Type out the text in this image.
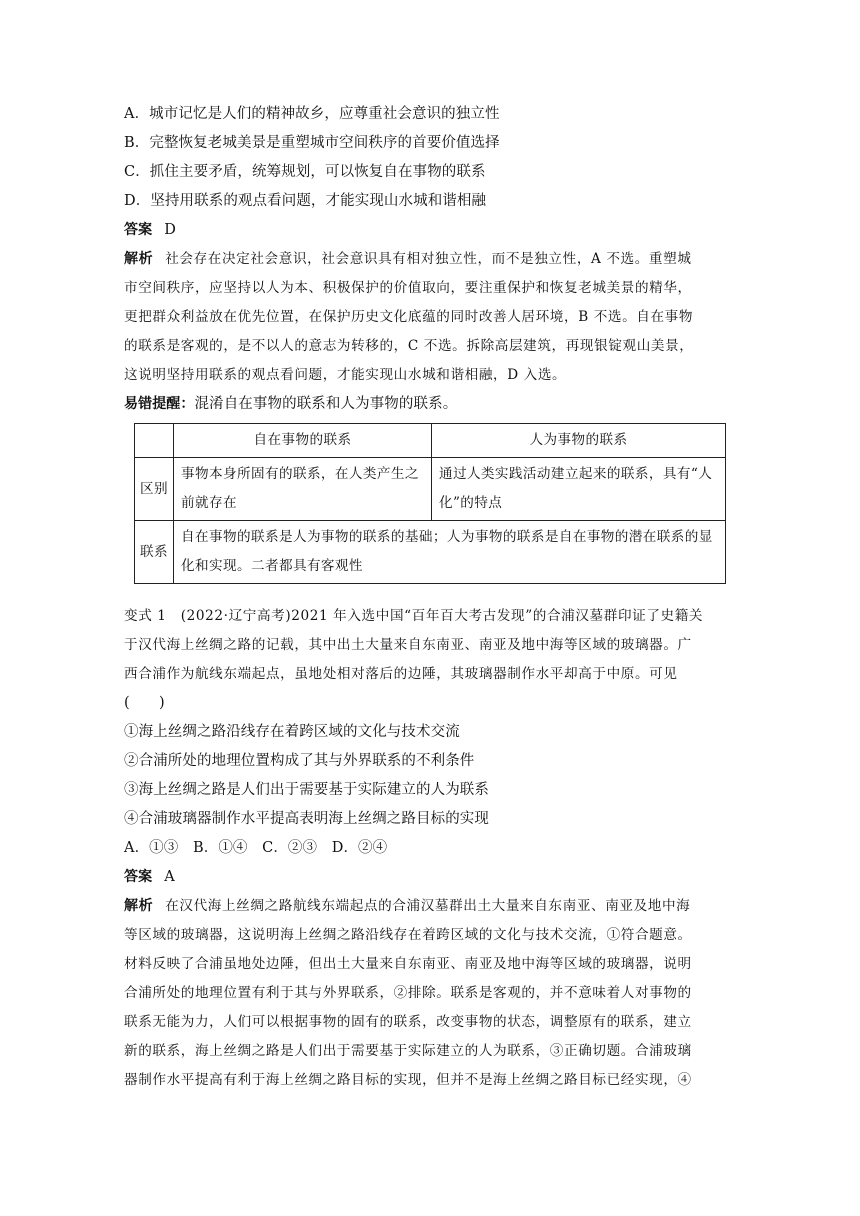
A．城市记忆是人们的精神故乡，应尊重社会意识的独立性
B．完整恢复老城美景是重塑城市空间秩序的首要价值选择
C．抓住主要矛盾，统筹规划，可以恢复自在事物的联系
D．坚持用联系的观点看问题，才能实现山水城和谐相融
答案 D
解析 社会存在决定社会意识，社会意识具有相对独立性，而不是独立性，A 不选。重塑城
市空间秩序，应坚持以人为本、积极保护的价值取向，要注重保护和恢复老城美景的精华，
更把群众利益放在优先位置，在保护历史文化底蕴的同时改善人居环境，B 不选。自在事物
的联系是客观的，是不以人的意志为转移的，C 不选。拆除高层建筑，再现银锭观山美景，
这说明坚持用联系的观点看问题，才能实现山水城和谐相融，D 入选。
易错提醒：混淆自在事物的联系和人为事物的联系。
	自在事物的联系	人为事物的联系
区别	事物本身所固有的联系，在人类产生之前就存在	通过人类实践活动建立起来的联系，具有“人化”的特点
联系	自在事物的联系是人为事物的联系的基础；人为事物的联系是自在事物的潜在联系的显化和实现。二者都具有客观性	
变式 1　(2022·辽宁高考)2021 年入选中国“百年百大考古发现”的合浦汉墓群印证了史籍关
于汉代海上丝绸之路的记载，其中出土大量来自东南亚、南亚及地中海等区域的玻璃器。广
西合浦作为航线东端起点，虽地处相对落后的边陲，其玻璃器制作水平却高于中原。可见
(　　)
①海上丝绸之路沿线存在着跨区域的文化与技术交流
②合浦所处的地理位置构成了其与外界联系的不利条件
③海上丝绸之路是人们出于需要基于实际建立的人为联系
④合浦玻璃器制作水平提高表明海上丝绸之路目标的实现
A．①③　B．①④　C．②③　D．②④
答案 A
解析 在汉代海上丝绸之路航线东端起点的合浦汉墓群出土大量来自东南亚、南亚及地中海
等区域的玻璃器，这说明海上丝绸之路沿线存在着跨区域的文化与技术交流，①符合题意。
材料反映了合浦虽地处边陲，但出土大量来自东南亚、南亚及地中海等区域的玻璃器，说明
合浦所处的地理位置有利于其与外界联系，②排除。联系是客观的，并不意味着人对事物的
联系无能为力，人们可以根据事物的固有的联系，改变事物的状态，调整原有的联系，建立
新的联系，海上丝绸之路是人们出于需要基于实际建立的人为联系，③正确切题。合浦玻璃
器制作水平提高有利于海上丝绸之路目标的实现，但并不是海上丝绸之路目标已经实现，④
